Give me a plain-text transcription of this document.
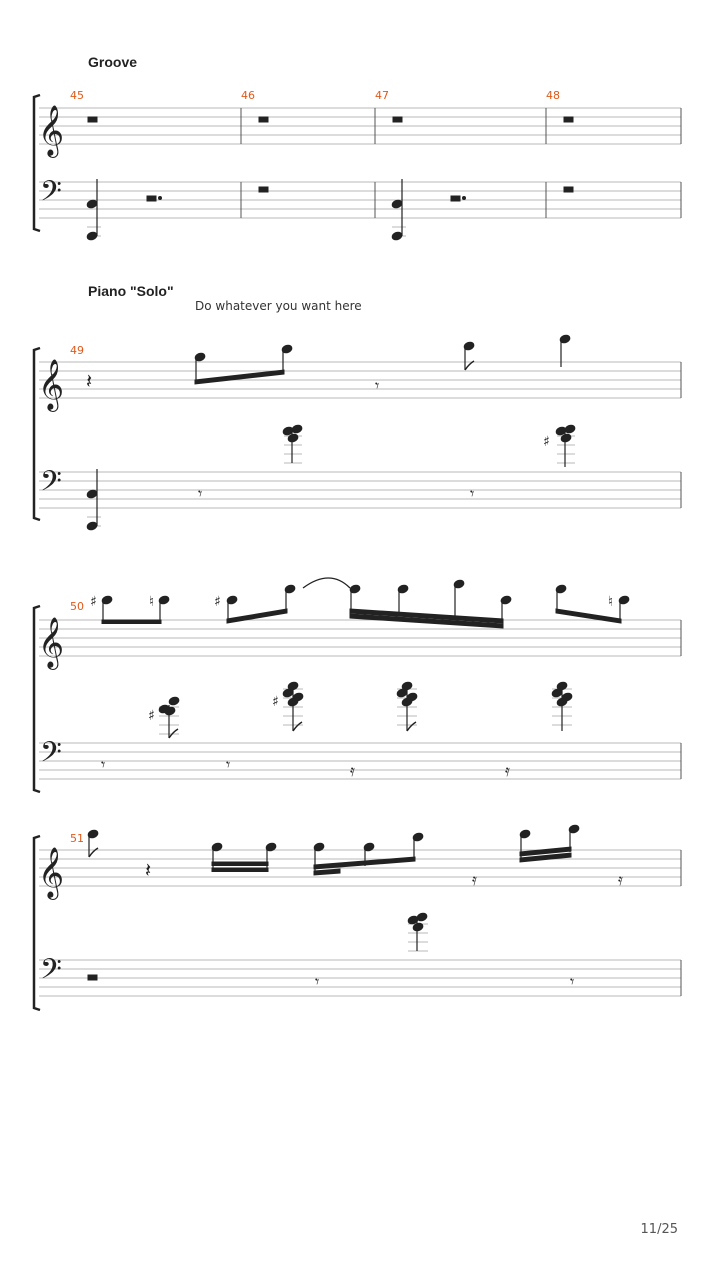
Groove
Piano "Solo"
Do whatever you want here
11/25
𝄞
𝄢
45	46	47	48
𝄞
𝄢
49
𝄽	𝄾
𝄾	𝄾
♯
𝄞
𝄢
50 ♯	♮	♯	♮
𝄾	𝄾	𝄿	𝄿
♯
♯
𝄞
𝄢
51
𝄽	𝄿	𝄿
𝄾	𝄾
